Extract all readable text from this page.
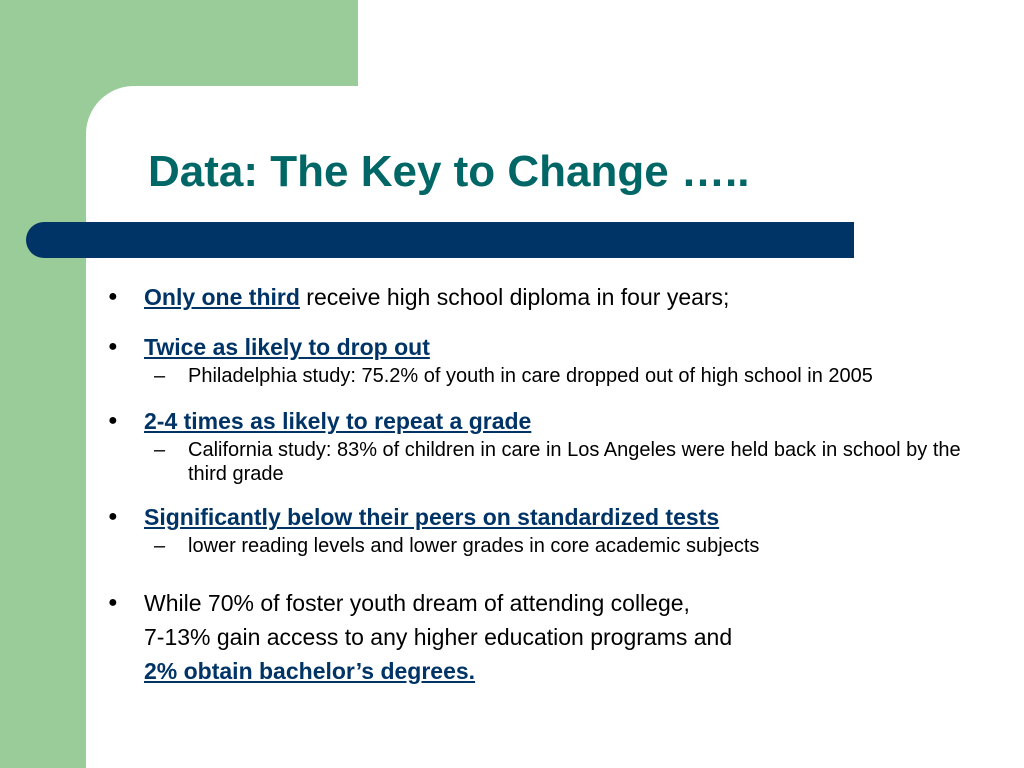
Data: The Key to Change …..
● Only one third receive high school diploma in four years;
● Twice as likely to drop out
– Philadelphia study: 75.2% of youth in care dropped out of high school in 2005
● 2-4 times as likely to repeat a grade
– California study: 83% of children in care in Los Angeles were held back in school by the third grade
● Significantly below their peers on standardized tests
– lower reading levels and lower grades in core academic subjects
● While 70% of foster youth dream of attending college,
7-13% gain access to any higher education programs and
2% obtain bachelor’s degrees.
